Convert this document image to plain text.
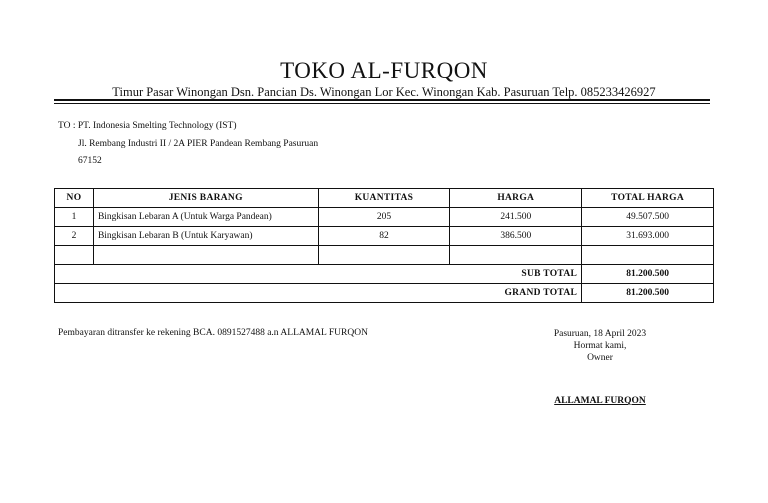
TOKO AL-FURQON
Timur Pasar Winongan Dsn. Pancian Ds. Winongan Lor Kec. Winongan Kab. Pasuruan Telp. 085233426927
TO : PT. Indonesia Smelting Technology (IST)
Jl. Rembang Industri II / 2A PIER Pandean Rembang Pasuruan
67152
NO	JENIS BARANG	KUANTITAS	HARGA	TOTAL HARGA
1	Bingkisan Lebaran A (Untuk Warga Pandean)	205	241.500	49.507.500
2	Bingkisan Lebaran B (Untuk Karyawan)	82	386.500	31.693.000

SUB TOTAL				81.200.500
GRAND TOTAL				81.200.500
Pembayaran ditransfer ke rekening BCA. 0891527488 a.n ALLAMAL FURQON	Pasuruan, 18 April 2023
Hormat kami,
Owner
ALLAMAL FURQON
